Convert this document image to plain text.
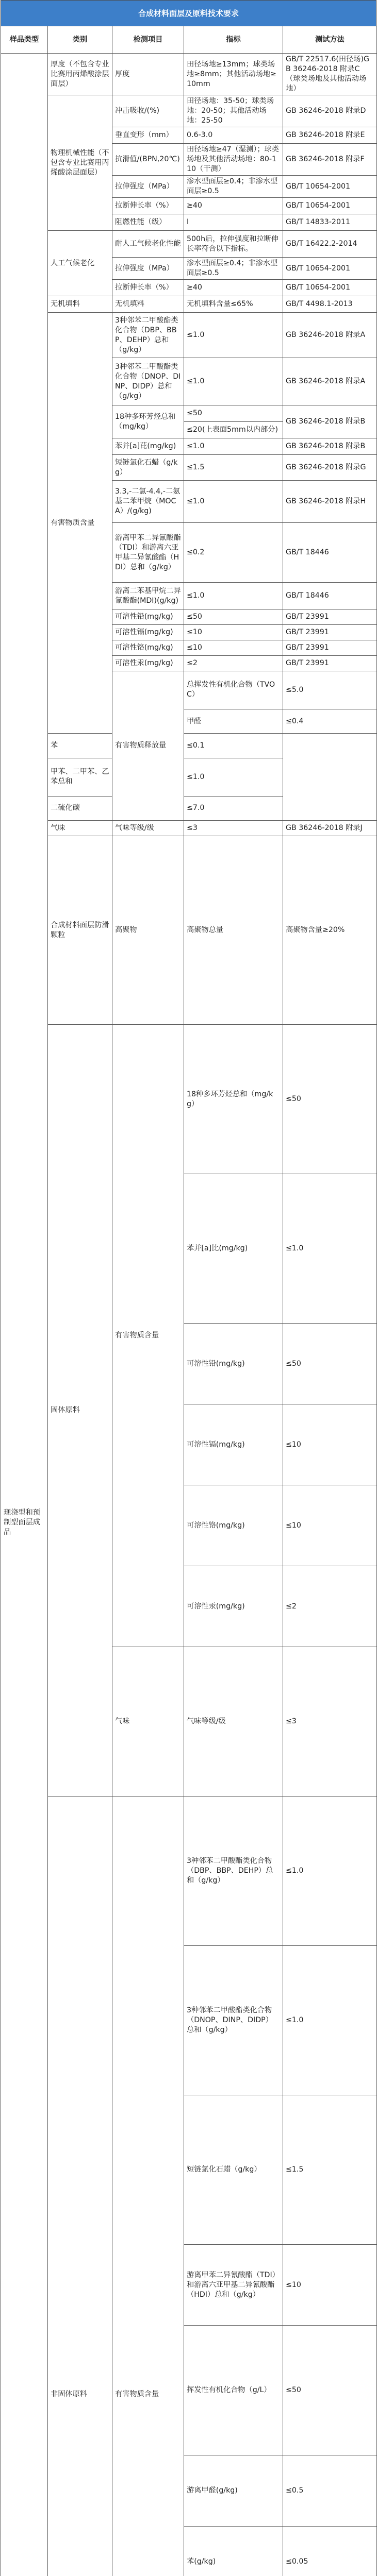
合成材料面层及原料技术要求
样品类型	类别	检测项目	指标	测试方法	
现浇型和预制型面层成品	厚度（不包含专业比赛用丙烯酸涂层面层）	厚度	田径场地≥13mm；球类场地≥8mm；其他活动场地≥10mm	GB/T 22517.6(田径场)GB 36246-2018 附录C（球类场地及其他活动场地）	
	物理机械性能（不包含专业比赛用丙烯酸涂层面层）	冲击吸收/(%)	田径场地：35-50；球类场地：20-50；其他活动场地：25-50	GB 36246-2018 附录D	
		垂直变形（mm）	0.6-3.0	GB 36246-2018 附录E	
		抗滑值/(BPN,20℃)	田径场地≥47（湿测）；球类场地及其他活动场地：80-110（干测）	GB 36246-2018 附录F	
		拉伸强度（MPa）	渗水型面层≥0.4；非渗水型面层≥0.5	GB/T 10654-2001	
		拉断伸长率（%）	≥40	GB/T 10654-2001	
		阻燃性能（级）	I	GB/T 14833-2011	
	人工气候老化	耐人工气候老化性能	500h后，拉伸强度和拉断伸长率符合以下指标。	GB/T 16422.2-2014	
		拉伸强度（MPa）	渗水型面层≥0.4；非渗水型面层≥0.5	GB/T 10654-2001	
		拉断伸长率（%）	≥40	GB/T 10654-2001	
	无机填料	无机填料	无机填料含量≤65%	GB/T 4498.1-2013	
	有害物质含量	3种邻苯二甲酸酯类化合物（DBP、BBP、DEHP）总和（g/kg）	≤1.0	GB 36246-2018 附录A	
		3种邻苯二甲酸酯类化合物（DNOP、DINP、DIDP）总和（g/kg）	≤1.0	GB 36246-2018 附录A	
		18种多环芳烃总和（mg/kg）	≤50	GB 36246-2018 附录B	
			≤20(上表面5mm以内部分)		
		苯并[a]芘(mg/kg)	≤1.0	GB 36246-2018 附录B	
		短链氯化石蜡（g/kg）	≤1.5	GB 36246-2018 附录G	
		3.3,-二氯-4.4,-二氨基二苯甲烷（MOCA）/(g/kg)	≤1.0	GB 36246-2018 附录H	
		游离甲苯二异氰酸酯（TDI）和游离六亚甲基二异氰酸酯（HDI）总和（g/kg）	≤0.2	GB/T 18446	
		游离二苯基甲烷二异氰酸酯(MDI)(g/kg)	≤1.0	GB/T 18446	
		可溶性铅(mg/kg)	≤50	GB/T 23991	
		可溶性镉(mg/kg)	≤10	GB/T 23991	
		可溶性铬(mg/kg)	≤10	GB/T 23991	
		可溶性汞(mg/kg)	≤2	GB/T 23991	
		有害物质释放量	总挥发性有机化合物（TVOC）	≤5.0	
			甲醛	≤0.4	
	苯		≤0.1		
	甲苯、二甲苯、乙苯总和		≤1.0		
	二硫化碳		≤7.0		
	气味	气味等级/级	≤3	GB 36246-2018 附录J	
	合成材料面层防滑颗粒	高聚物	高聚物总量	高聚物含量≥20%	
	固体原料	有害物质含量	18种多环芳烃总和（mg/kg）	≤50	
			苯并[a]比(mg/kg)	≤1.0	
			可溶性铅(mg/kg)	≤50	
			可溶性镉(mg/kg)	≤10	
			可溶性铬(mg/kg)	≤10	
			可溶性汞(mg/kg)	≤2	
		气味	气味等级/级	≤3	
	非固体原料	有害物质含量	3种邻苯二甲酸酯类化合物（DBP、BBP、DEHP）总和（g/kg）	≤1.0	
			3种邻苯二甲酸酯类化合物（DNOP、DINP、DIDP）总和（g/kg）	≤1.0	
			短链氯化石蜡（g/kg）	≤1.5	
			游离甲苯二异氰酸酯（TDI）和游离六亚甲基二异氰酸酯（HDI）总和（g/kg）	≤10	
			挥发性有机化合物（g/L）	≤50	
			游离甲醛(g/kg)	≤0.5	
			苯(g/kg)	≤0.05	
